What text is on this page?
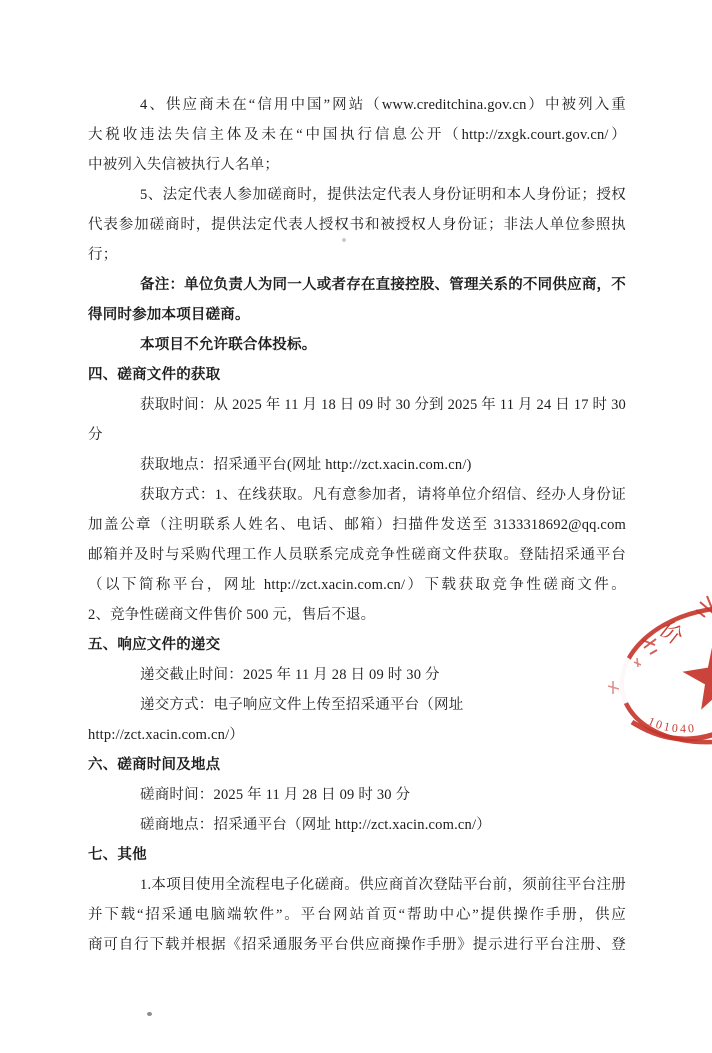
4、供应商未在“信用中国”网站（www.creditchina.gov.cn）中被列入重
大税收违法失信主体及未在“中国执行信息公开（http://zxgk.court.gov.cn/）
中被列入失信被执行人名单；
5、法定代表人参加磋商时，提供法定代表人身份证明和本人身份证；授权
代表参加磋商时，提供法定代表人授权书和被授权人身份证；非法人单位参照执
行；
备注：单位负责人为同一人或者存在直接控股、管理关系的不同供应商，不
得同时参加本项目磋商。
本项目不允许联合体投标。
四、磋商文件的获取
获取时间：从 2025 年 11 月 18 日 09 时 30 分到 2025 年 11 月 24 日 17 时 30
分
获取地点：招采通平台(网址 http://zct.xacin.com.cn/)
获取方式：1、在线获取。凡有意参加者，请将单位介绍信、经办人身份证
加盖公章（注明联系人姓名、电话、邮箱）扫描件发送至 3133318692@qq.com
邮箱并及时与采购代理工作人员联系完成竞争性磋商文件获取。登陆招采通平台
（以下简称平台，网址 http://zct.xacin.com.cn/）下载获取竞争性磋商文件。
2、竞争性磋商文件售价 500 元，售后不退。
五、响应文件的递交
递交截止时间：2025 年 11 月 28 日 09 时 30 分
递交方式：电子响应文件上传至招采通平台（网址
http://zct.xacin.com.cn/）
六、磋商时间及地点
磋商时间：2025 年 11 月 28 日 09 时 30 分
磋商地点：招采通平台（网址 http://zct.xacin.com.cn/）
七、其他
1.本项目使用全流程电子化磋商。供应商首次登陆平台前，须前往平台注册
并下载“招采通电脑端软件”。平台网站首页“帮助中心”提供操作手册，供应
商可自行下载并根据《招采通服务平台供应商操作手册》提示进行平台注册、登
价
101040
